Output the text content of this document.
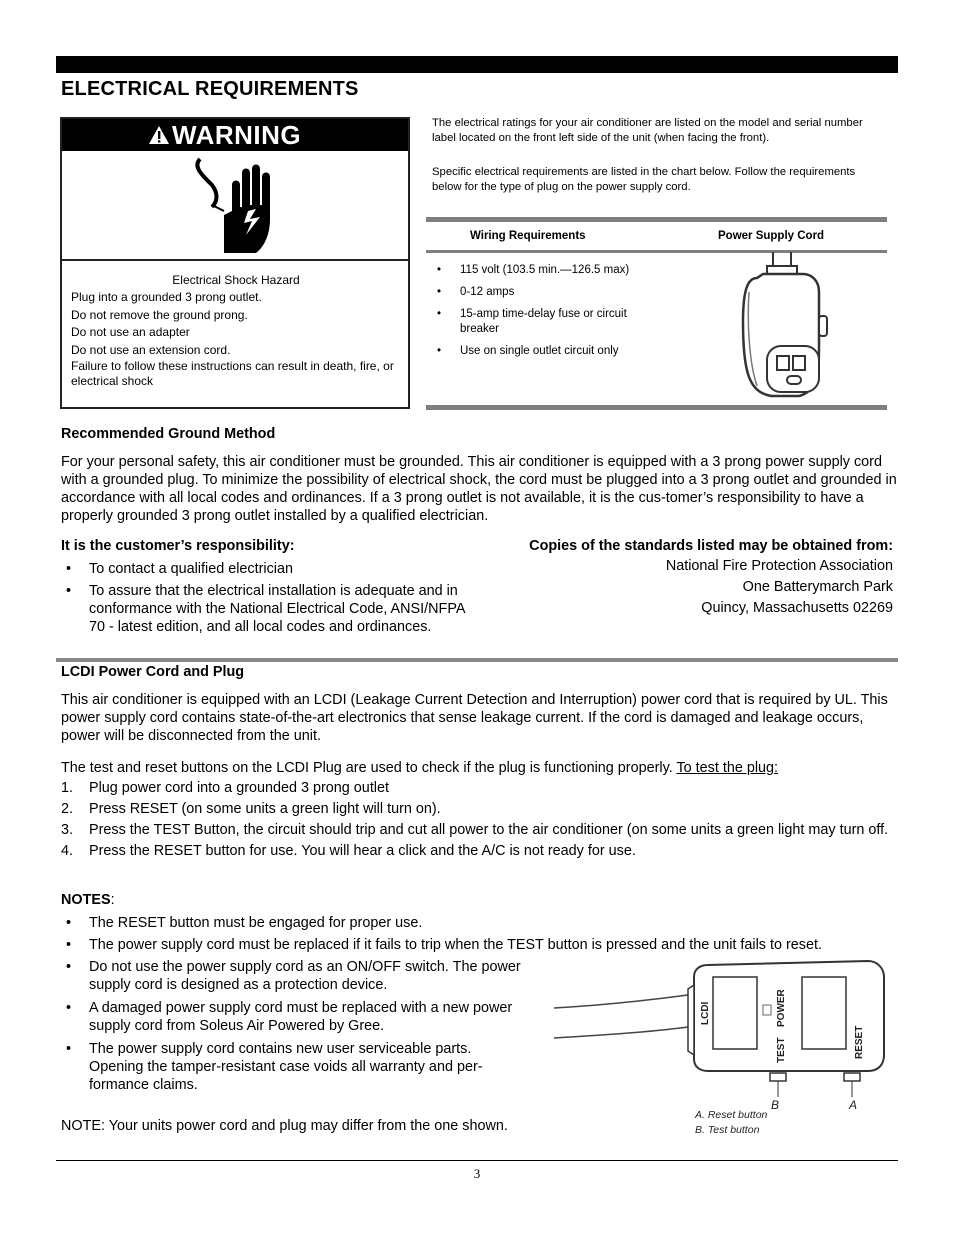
ELECTRICAL REQUIREMENTS
WARNING
Electrical Shock Hazard
Plug into a grounded 3 prong outlet.
Do not remove the ground prong.
Do not use an adapter
Do not use an extension cord.
Failure to follow these instructions can result in death, fire, or electrical shock
The electrical ratings for your air conditioner are listed on the model and serial number label located on the front left side of the unit (when facing the front).
Specific electrical requirements are listed in the chart below. Follow the requirements below for the type of plug on the power supply cord.
Wiring Requirements	Power Supply Cord
• 115 volt (103.5 min.—126.5 max)
• 0-12 amps
• 15-amp time-delay fuse or circuit breaker
• Use on single outlet circuit only
Recommended Ground Method
For your personal safety, this air conditioner must be grounded. This air conditioner is equipped with a 3 prong power supply cord with a grounded plug. To minimize the possibility of electrical shock, the cord must be plugged into a 3 prong outlet and grounded in accordance with all local codes and ordinances. If a 3 prong outlet is not available, it is the cus-tomer’s responsibility to have a properly grounded 3 prong outlet installed by a qualified electrician.
It is the customer’s responsibility:
• To contact a qualified electrician
• To assure that the electrical installation is adequate and in conformance with the National Electrical Code, ANSI/NFPA 70 - latest edition, and all local codes and ordinances.
Copies of the standards listed may be obtained from:
National Fire Protection Association
One Batterymarch Park
Quincy, Massachusetts 02269
LCDI Power Cord and Plug
This air conditioner is equipped with an LCDI (Leakage Current Detection and Interruption) power cord that is required by UL. This power supply cord contains state-of-the-art electronics that sense leakage current. If the cord is damaged and leakage occurs, power will be disconnected from the unit.
The test and reset buttons on the LCDI Plug are used to check if the plug is functioning properly. To test the plug:
1. Plug power cord into a grounded 3 prong outlet
2. Press RESET (on some units a green light will turn on).
3. Press the TEST Button, the circuit should trip and cut all power to the air conditioner (on some units a green light may turn off.
4. Press the RESET button for use. You will hear a click and the A/C is not ready for use.
NOTES:
• The RESET button must be engaged for proper use.
• The power supply cord must be replaced if it fails to trip when the TEST button is pressed and the unit fails to reset.
• Do not use the power supply cord as an ON/OFF switch. The power supply cord is designed as a protection device.
• A damaged power supply cord must be replaced with a new power supply cord from Soleus Air Powered by Gree.
• The power supply cord contains new user serviceable parts. Opening the tamper-resistant case voids all warranty and per-formance claims.
NOTE: Your units power cord and plug may differ from the one shown.
LCDI	POWER
TEST	RESET
B	A
A. Reset button
B. Test button
3
